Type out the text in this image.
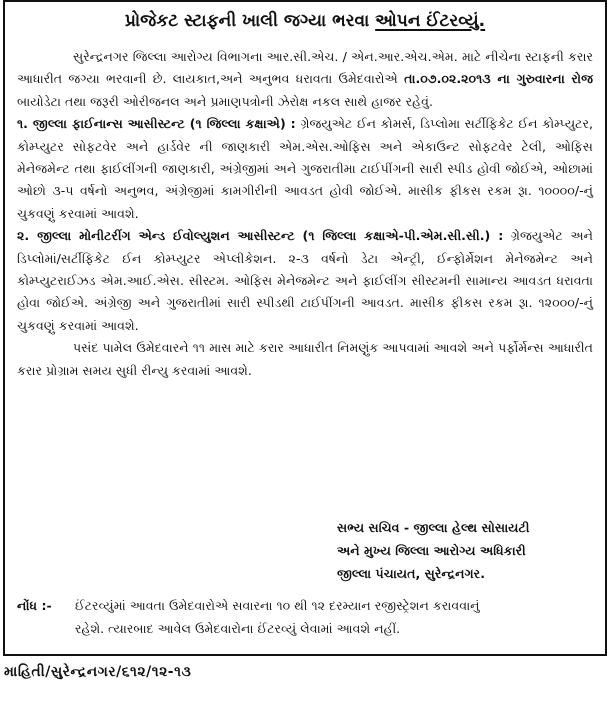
પ્રોજેકટ સ્ટાફની ખાલી જગ્યા ભરવા ઓપન ઈંટરવ્યું.

સુરેન્દ્રનગર જિલ્લા આરોગ્ય વિભાગના આર.સી.એચ. / એન.આર.એચ.એમ. માટે નીચેના સ્ટાફની કરાર આધારીત જગ્યા ભરવાની છે. લાયકાત,અને અનુભવ ધરાવતા ઉમેદવારોએ તા.૦૭.૦૨.૨૦૧૩ ના ગુરુવારના રોજ બાયોડેટા તથા જરૂરી ઓરીજનલ અને પ્રમાણપત્રોની ઝેરોક્ષ નકલ સાથે હાજર રહેવું.

૧. જીલ્લા ફાઈનાન્સ આસીસ્ટન્ટ (૧ જિલ્લા કક્ષાએ) : ગ્રેજયુએટ ઈન કોમર્સ, ડિપ્લોમા સર્ટીફિકેટ ઈન કોમ્પ્યુટર, કોમ્પ્યુટર સોફટવેર અને હાર્ડવેર ની જાણકારી એમ.એસ.ઓફિસ અને એકાઉન્ટ સોફટવેર ટેલી, ઓફિસ મેનેજમેન્ટ તથા ફાઈલીંગની જાણકારી, અંગ્રેજીમાં અને ગુજરાતીમા ટાઈપીંગની સારી સ્પીડ હોવી જોઈએ, ઓછામાં ઓછો ૩-૫ વર્ષનો અનુભવ, અંગ્રેજીમાં કામગીરીની આવડત હોવી જોઈએ. માસીક ફીકસ રકમ રૂા. ૧૦૦૦૦/-નું ચુકવણું કરવામાં આવશે.

૨. જીલ્લા મોનીટરીંગ એન્ડ ઈવોલ્યુશન આસીસ્ટન્ટ (૧ જિલ્લા કક્ષાએ-પી.એમ.સી.સી.) : ગ્રેજયુએટ અને ડિપ્લોમાં/સર્ટીફિકેટ ઈન કોમ્પ્યુટર એપ્લીકેશન. ૨-૩ વર્ષનો ડેટા એન્ટ્રી, ઈન્ફોર્મેશન મેનેજમેન્ટ અને કોમ્પ્યુટરાઈઝડ એમ.આઈ.એસ. સીસ્ટમ. ઓફિસ મેનેજમેન્ટ અને ફાઈલીંગ સીસ્ટમની સામાન્ય આવડત ધરાવતા હોવા જોઈએ. અંગ્રેજી અને ગુજરાતીમાં સારી સ્પીડથી ટાઈપીંગની આવડત. માસીક ફીકસ રકમ રૂા. ૧૨૦૦૦/-નું ચુકવણું કરવામાં આવશે.

પસંદ પામેલ ઉમેદવારને ૧૧ માસ માટે કરાર આધારીત નિમણુંક આપવામાં આવશે અને પર્ફોર્મન્સ આધારીત કરાર પ્રોગ્રામ સમય સુધી રીન્યુ કરવામાં આવશે.

સભ્ય સચિવ - જીલ્લા હેલ્થ સોસાયટી
અને મુખ્ય જિલ્લા આરોગ્ય અધિકારી
જીલ્લા પંચાયત, સુરેન્દ્રનગર.
નોંધ :- ઈંટરવ્યુંમાં આવતા ઉમેદવારોએ સવારના ૧૦ થી ૧૨ દરમ્યાન રજીસ્ટ્રેશન કરાવવાનું
રહેશે. ત્યારબાદ આવેલ ઉમેદવારોના ઈંટરવ્યું લેવામાં આવશે નહીં.
માહિતી/સુરેન્દ્રનગર/૬૧૨/૧૨-૧૩
